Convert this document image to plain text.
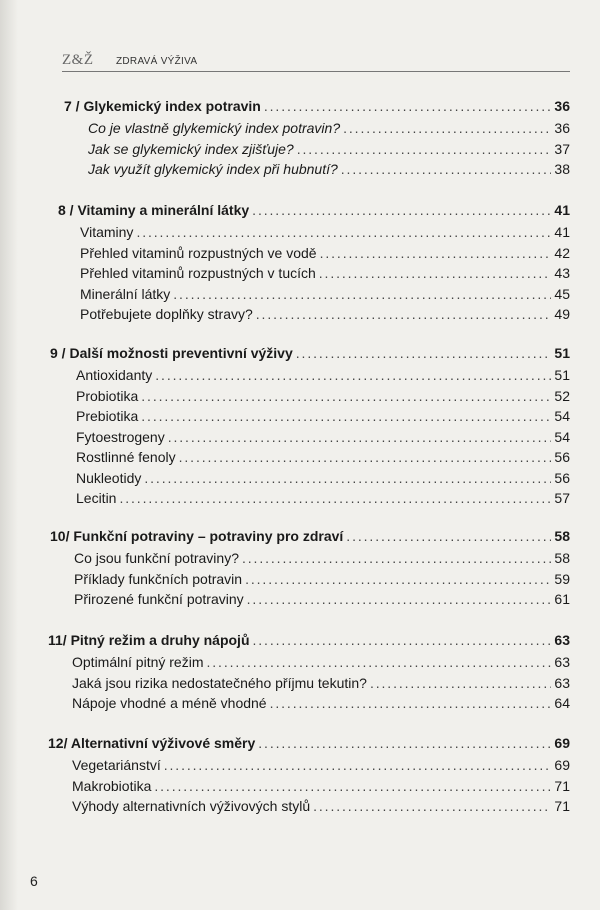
Z&Ž ZDRAVÁ VÝŽIVA
7 / Glykemický index potravin . . .	36
Co je vlastně glykemický index potravin? . . .	36
Jak se glykemický index zjišťuje? . . .	37
Jak využít glykemický index při hubnutí? . . .	38
8 / Vitaminy a minerální látky . . .	41
Vitaminy . . .	41
Přehled vitaminů rozpustných ve vodě . . .	42
Přehled vitaminů rozpustných v tucích . . .	43
Minerální látky . . .	45
Potřebujete doplňky stravy? . . .	49
9 / Další možnosti preventivní výživy . . .	51
Antioxidanty . . .	51
Probiotika . . .	52
Prebiotika . . .	54
Fytoestrogeny . . .	54
Rostlinné fenoly . . .	56
Nukleotidy . . .	56
Lecitin . . .	57
10/ Funkční potraviny – potraviny pro zdraví . . .	58
Co jsou funkční potraviny? . . .	58
Příklady funkčních potravin . . .	59
Přirozené funkční potraviny . . .	61
11/ Pitný režim a druhy nápojů . . .	63
Optimální pitný režim . . .	63
Jaká jsou rizika nedostatečného příjmu tekutin? . . .	63
Nápoje vhodné a méně vhodné . . .	64
12/ Alternativní výživové směry . . .	69
Vegetariánství . . .	69
Makrobiotika . . .	71
Výhody alternativních výživových stylů . . .	71
6
